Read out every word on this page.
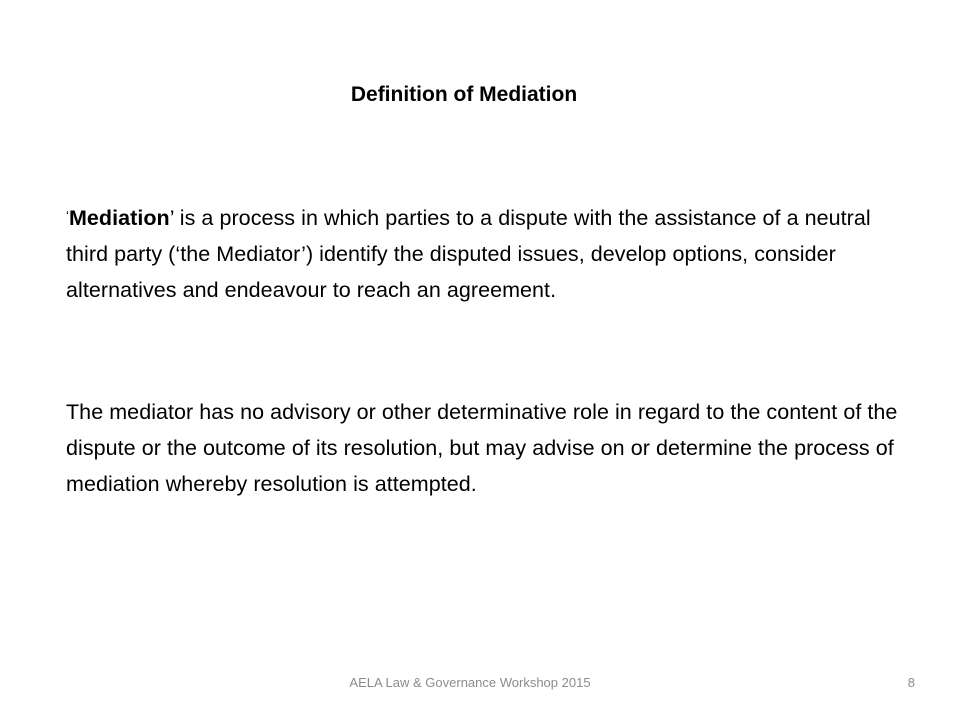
Definition of Mediation
‘Mediation’ is a process in which parties to a dispute with the assistance of a neutral third party (‘the Mediator’) identify the disputed issues, develop options, consider alternatives and endeavour to reach an agreement.
The mediator has no advisory or other determinative role in regard to the content of the dispute or the outcome of its resolution, but may advise on or determine the process of mediation whereby resolution is attempted.
AELA Law & Governance Workshop 2015	8
